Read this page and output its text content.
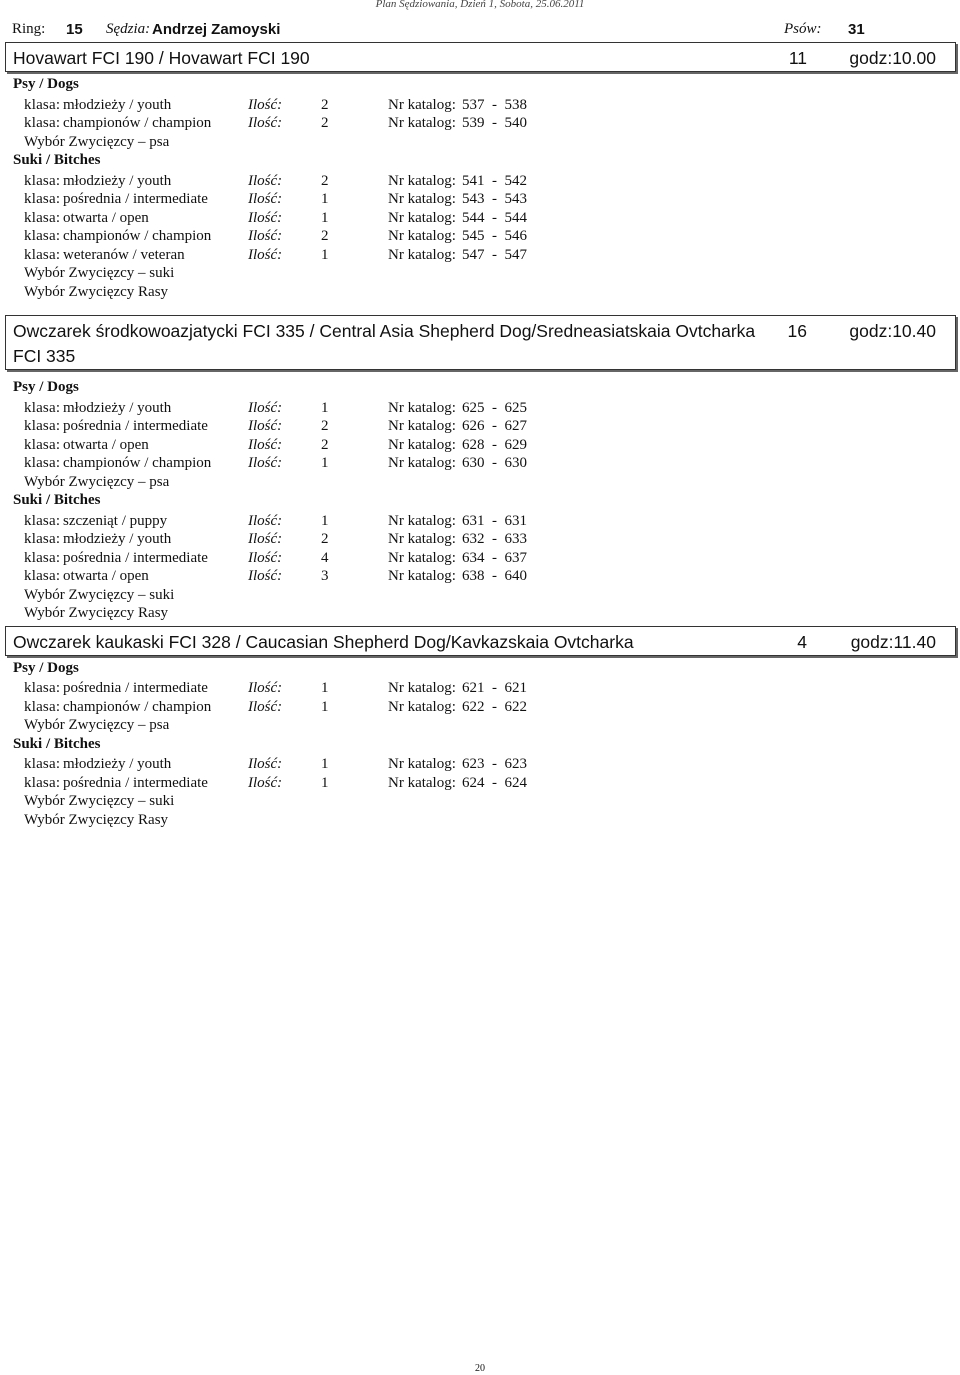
Plan Sędziowania, Dzień 1, Sobota, 25.06.2011
Ring: 15 Sędzia: Andrzej Zamoyski	Psów: 31
Hovawart FCI 190 / Hovawart FCI 190	11 godz:10.00
Psy / Dogs
klasa: młodzieży / youth	Ilość:	2	Nr katalog: 537  -  538
klasa: championów / champion Ilość:	2	Nr katalog: 539  -  540
Wybór Zwycięzcy – psa
Suki / Bitches
klasa: młodzieży / youth	Ilość:	2	Nr katalog: 541  -  542
klasa: pośrednia / intermediate	Ilość:	1	Nr katalog: 543  -  543
klasa: otwarta / open	Ilość:	1	Nr katalog: 544  -  544
klasa: championów / champion Ilość:	2	Nr katalog: 545  -  546
klasa: weteranów / veteran	Ilość:	1	Nr katalog: 547  -  547
Wybór Zwycięzcy – suki
Wybór Zwycięzcy Rasy
Owczarek środkowoazjatycki FCI 335 / Central Asia Shepherd Dog/Sredneasiatskaia Ovtcharka FCI 335
16 godz:10.40
Psy / Dogs
klasa: młodzieży / youth	Ilość:	1	Nr katalog: 625  -  625
klasa: pośrednia / intermediate	Ilość:	2	Nr katalog: 626  -  627
klasa: otwarta / open	Ilość:	2	Nr katalog: 628  -  629
klasa: championów / champion Ilość:	1	Nr katalog: 630  -  630
Wybór Zwycięzcy – psa
Suki / Bitches
klasa: szczeniąt / puppy	Ilość:	1	Nr katalog: 631  -  631
klasa: młodzieży / youth	Ilość:	2	Nr katalog: 632  -  633
klasa: pośrednia / intermediate	Ilość:	4	Nr katalog: 634  -  637
klasa: otwarta / open	Ilość:	3	Nr katalog: 638  -  640
Wybór Zwycięzcy – suki
Wybór Zwycięzcy Rasy
Owczarek kaukaski FCI 328 / Caucasian Shepherd Dog/Kavkazskaia Ovtcharka	4 godz:11.40
Psy / Dogs
klasa: pośrednia / intermediate	Ilość:	1	Nr katalog: 621  -  621
klasa: championów / champion Ilość:	1	Nr katalog: 622  -  622
Wybór Zwycięzcy – psa
Suki / Bitches
klasa: młodzieży / youth	Ilość:	1	Nr katalog: 623  -  623
klasa: pośrednia / intermediate	Ilość:	1	Nr katalog: 624  -  624
Wybór Zwycięzcy – suki
Wybór Zwycięzcy Rasy
20
